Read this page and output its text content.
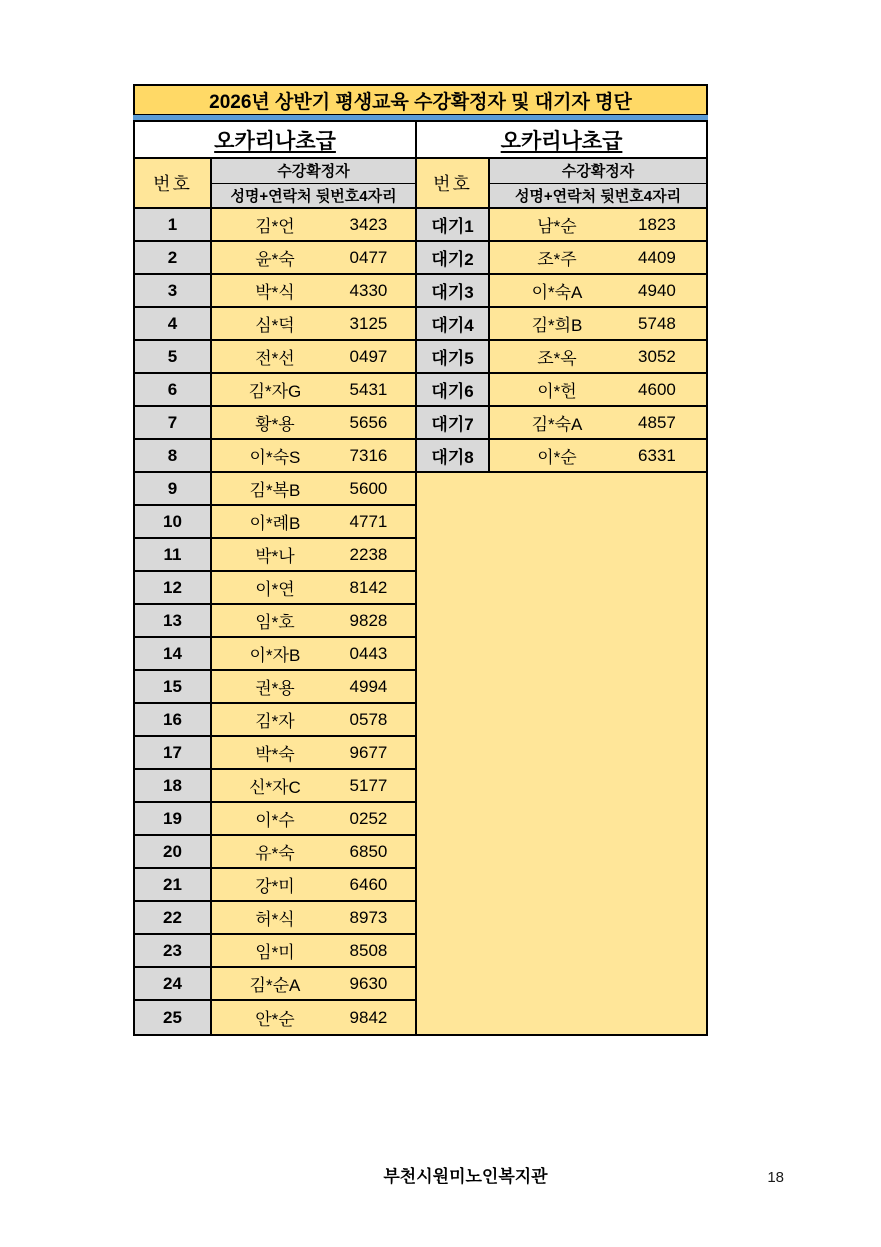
2026년 상반기 평생교육 수강확정자 및 대기자 명단
오카리나초급
번호
수강확정자
성명+연락처 뒷번호4자리
1	김*언	3423
2	윤*숙	0477
3	박*식	4330
4	심*덕	3125
5	전*선	0497
6	김*자G	5431
7	황*용	5656
8	이*숙S	7316
9	김*복B	5600
10	이*례B	4771
11	박*나	2238
12	이*연	8142
13	임*호	9828
14	이*자B	0443
15	권*용	4994
16	김*자	0578
17	박*숙	9677
18	신*자C	5177
19	이*수	0252
20	유*숙	6850
21	강*미	6460
22	허*식	8973
23	임*미	8508
24	김*순A	9630
25	안*순	9842
오카리나초급
번호
수강확정자
성명+연락처 뒷번호4자리
대기1	남*순	1823
대기2	조*주	4409
대기3	이*숙A	4940
대기4	김*희B	5748
대기5	조*옥	3052
대기6	이*헌	4600
대기7	김*숙A	4857
대기8	이*순	6331
부천시원미노인복지관	18
